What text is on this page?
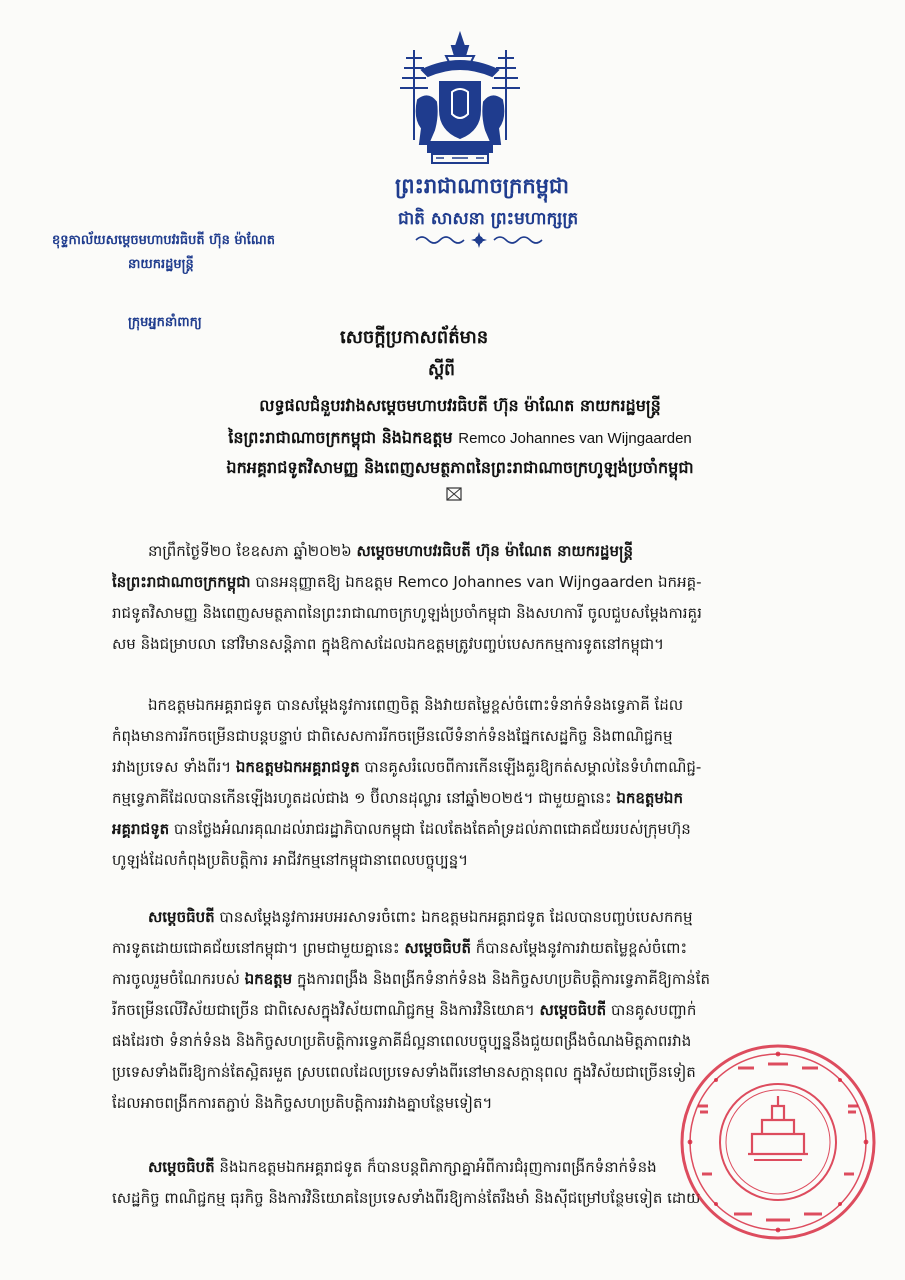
ព្រះរាជាណាចក្រកម្ពុជា
ជាតិ សាសនា ព្រះមហាក្សត្រ
ខុទ្ទកាល័យសម្ដេចមហាបវរធិបតី ហ៊ុន ម៉ាណែត
នាយករដ្ឋមន្ត្រី
ក្រុមអ្នកនាំពាក្យ
សេចក្តីប្រកាសព័ត៌មាន
ស្តីពី
លទ្ធផលជំនួបរវាងសម្តេចមហាបវរធិបតី ហ៊ុន ម៉ាណែត នាយករដ្ឋមន្ត្រី
នៃព្រះរាជាណាចក្រកម្ពុជា និងឯកឧត្តម Remco Johannes van Wijngaarden
ឯកអគ្គរាជទូតវិសាមញ្ញ និងពេញសមត្ថភាពនៃព្រះរាជាណាចក្រហូឡង់ប្រចាំកម្ពុជា
នាព្រឹកថ្ងៃទី២០ ខែឧសភា ឆ្នាំ២០២៦ សម្តេចមហាបវរធិបតី ហ៊ុន ម៉ាណែត នាយករដ្ឋមន្ត្រី
នៃព្រះរាជាណាចក្រកម្ពុជា បានអនុញ្ញាតឱ្យ ឯកឧត្តម Remco Johannes van Wijngaarden ឯកអគ្គ-
រាជទូតវិសាមញ្ញ និងពេញសមត្ថភាពនៃព្រះរាជាណាចក្រហូឡង់ប្រចាំកម្ពុជា និងសហការី ចូលជួបសម្តែងការគួរ
សម និងជម្រាបលា នៅវិមានសន្តិភាព ក្នុងឱកាសដែលឯកឧត្តមត្រូវបញ្ចប់បេសកកម្មការទូតនៅកម្ពុជា។
ឯកឧត្តមឯកអគ្គរាជទូត បានសម្តែងនូវការពេញចិត្ត និងវាយតម្លៃខ្ពស់ចំពោះទំនាក់ទំនងទ្វេភាគី ដែល
កំពុងមានការរីកចម្រើនជាបន្តបន្ទាប់ ជាពិសេសការរីកចម្រើនលើទំនាក់ទំនងផ្នែកសេដ្ឋកិច្ច និងពាណិជ្ជកម្ម
រវាងប្រទេស ទាំងពីរ។ ឯកឧត្តមឯកអគ្គរាជទូត បានគូសរំលេចពីការកើនឡើងគួរឱ្យកត់សម្គាល់នៃទំហំពាណិជ្ជ-
កម្មទ្វេភាគីដែលបានកើនឡើងរហូតដល់ជាង ១ ប៊ីលានដុល្លារ នៅឆ្នាំ២០២៥។ ជាមួយគ្នានេះ ឯកឧត្តមឯក
អគ្គរាជទូត បានថ្លែងអំណរគុណដល់រាជរដ្ឋាភិបាលកម្ពុជា ដែលតែងតែគាំទ្រដល់ភាពជោគជ័យរបស់ក្រុមហ៊ុន
ហូឡង់ដែលកំពុងប្រតិបត្តិការ អាជីវកម្មនៅកម្ពុជានាពេលបច្ចុប្បន្ន។
សម្តេចធិបតី បានសម្តែងនូវការអបអរសាទរចំពោះ ឯកឧត្តមឯកអគ្គរាជទូត ដែលបានបញ្ចប់បេសកកម្ម
ការទូតដោយជោគជ័យនៅកម្ពុជា។ ព្រមជាមួយគ្នានេះ សម្តេចធិបតី ក៏បានសម្តែងនូវការវាយតម្លៃខ្ពស់ចំពោះ
ការចូលរួមចំណែករបស់ ឯកឧត្តម ក្នុងការពង្រឹង និងពង្រីកទំនាក់ទំនង និងកិច្ចសហប្រតិបត្តិការទ្វេភាគីឱ្យកាន់តែ
រីកចម្រើនលើវិស័យជាច្រើន ជាពិសេសក្នុងវិស័យពាណិជ្ជកម្ម និងការវិនិយោគ។ សម្តេចធិបតី បានគូសបញ្ជាក់
ផងដែរថា ទំនាក់ទំនង និងកិច្ចសហប្រតិបត្តិការទ្វេភាគីដ៏ល្អនាពេលបច្ចុប្បន្ននឹងជួយពង្រឹងចំណងមិត្តភាពរវាង
ប្រទេសទាំងពីរឱ្យកាន់តែស្អិតរមួត ស្របពេលដែលប្រទេសទាំងពីរនៅមានសក្តានុពល ក្នុងវិស័យជាច្រើនទៀត
ដែលអាចពង្រីកការតភ្ជាប់ និងកិច្ចសហប្រតិបត្តិការរវាងគ្នាបន្ថែមទៀត។
សម្តេចធិបតី និងឯកឧត្តមឯកអគ្គរាជទូត ក៏បានបន្តពិភាក្សាគ្នាអំពីការជំរុញការពង្រីកទំនាក់ទំនង
សេដ្ឋកិច្ច ពាណិជ្ជកម្ម ធុរកិច្ច និងការវិនិយោគនៃប្រទេសទាំងពីរឱ្យកាន់តែរឹងមាំ និងស៊ីជម្រៅបន្ថែមទៀត ដោយ
